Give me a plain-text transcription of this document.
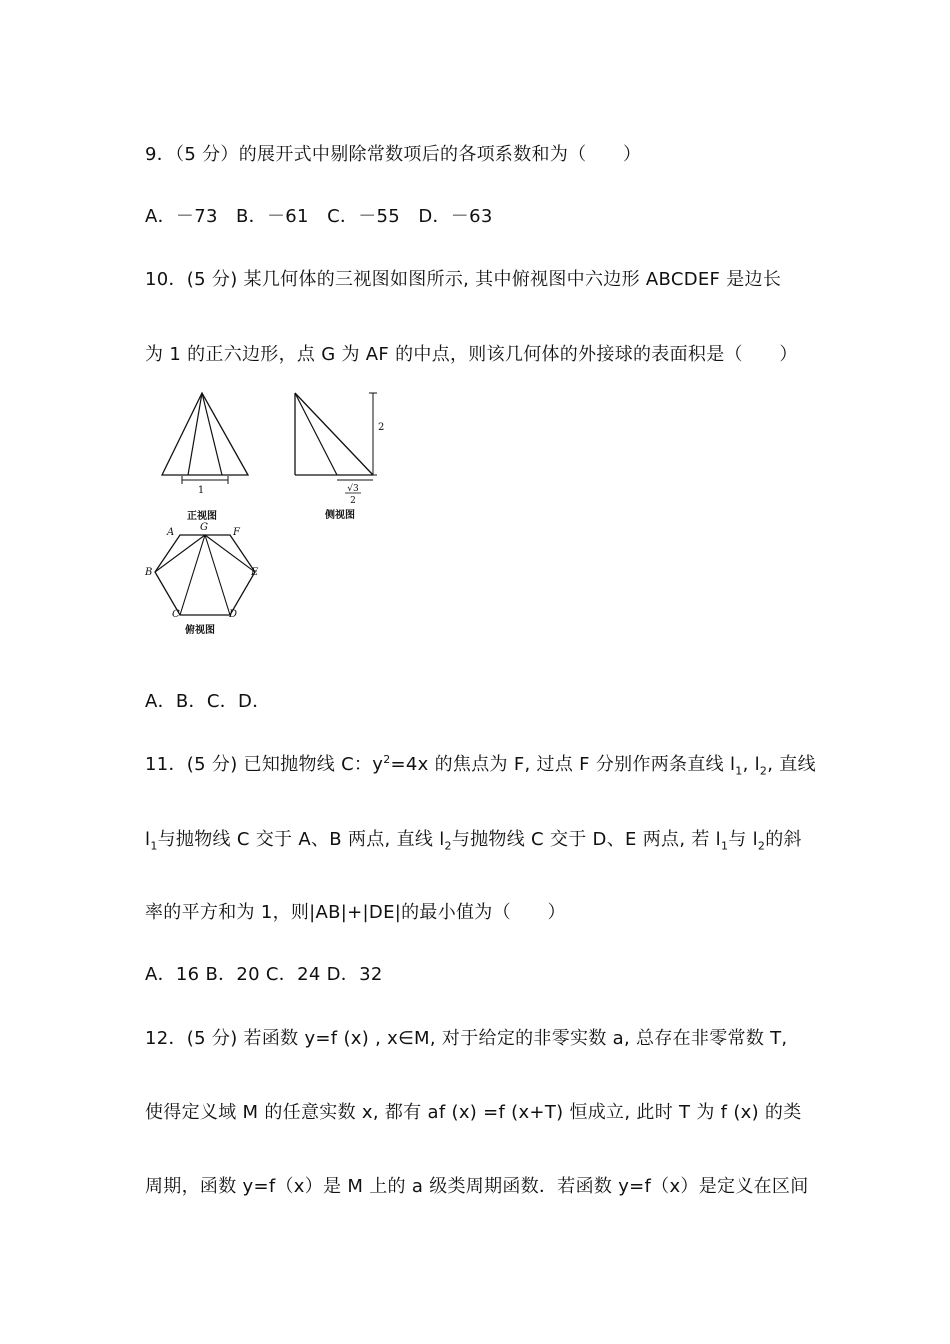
9．（5 分）的展开式中剔除常数项后的各项系数和为（　　）
A．－73　B．－61　C．－55　D．－63
10．(5 分) 某几何体的三视图如图所示, 其中俯视图中六边形 ABCDEF 是边长
为 1 的正六边形，点 G 为 AF 的中点，则该几何体的外接球的表面积是（　　）
1
正视图
2
√3
2
侧视图
A	G	F
B	E
C	D
俯视图
A．B．C．D．
11．(5 分) 已知抛物线 C：$y^2=4x$ 的焦点为 F, 过点 F 分别作两条直线 $l_1$, $l_2$, 直线
$l_1$与抛物线 C 交于 A、B 两点, 直线 $l_2$与抛物线 C 交于 D、E 两点, 若 $l_1$与 $l_2$的斜
率的平方和为 1，则|AB|+|DE|的最小值为（　　）
A．16 B．20 C．24 D．32
12．(5 分) 若函数 y=f (x) , x∈M, 对于给定的非零实数 a, 总存在非零常数 T,
使得定义域 M 的任意实数 x, 都有 af (x) =f (x+T) 恒成立, 此时 T 为 f (x) 的类
周期，函数 y=f（x）是 M 上的 a 级类周期函数．若函数 y=f（x）是定义在区间
